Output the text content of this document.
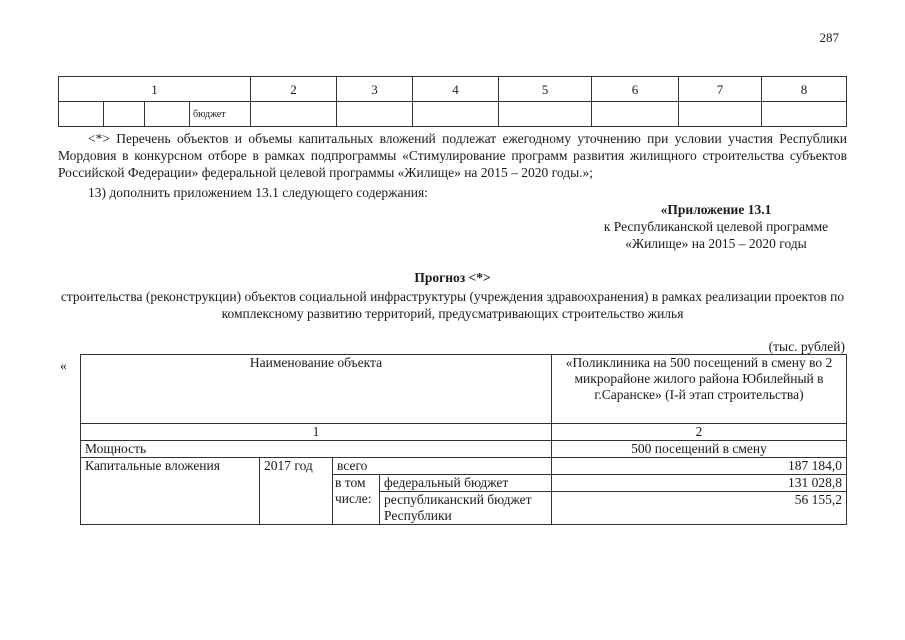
287
1				2	3	4	5	6	7	8
			бюджет							
<*> Перечень объектов и объемы капитальных вложений подлежат ежегодному уточнению при условии участия Республики Мордовия в конкурсном отборе в рамках подпрограммы «Стимулирование программ развития жилищного строительства субъектов Российской Федерации» федеральной целевой программы «Жилище» на 2015 – 2020 годы.»;
13) дополнить приложением 13.1 следующего содержания:
«Приложение 13.1
к Республиканской целевой программе
«Жилище» на 2015 – 2020 годы
Прогноз <*>
строительства (реконструкции) объектов социальной инфраструктуры (учреждения здравоохранения) в рамках реализации проектов по комплексному развитию территорий, предусматривающих строительство жилья
(тыс. рублей)
«	Наименование объекта				«Поликлиника на 500 посещений в смену во 2 микрорайоне жилого района Юбилейный в г.Саранске» (I-й этап строительства)
1				2
Мощность				500 посещений в смену
Капитальные вложения	2017 год	всего		187 184,0
		в том числе:	федеральный бюджет	131 028,8
			республиканский бюджет Республики	56 155,2
